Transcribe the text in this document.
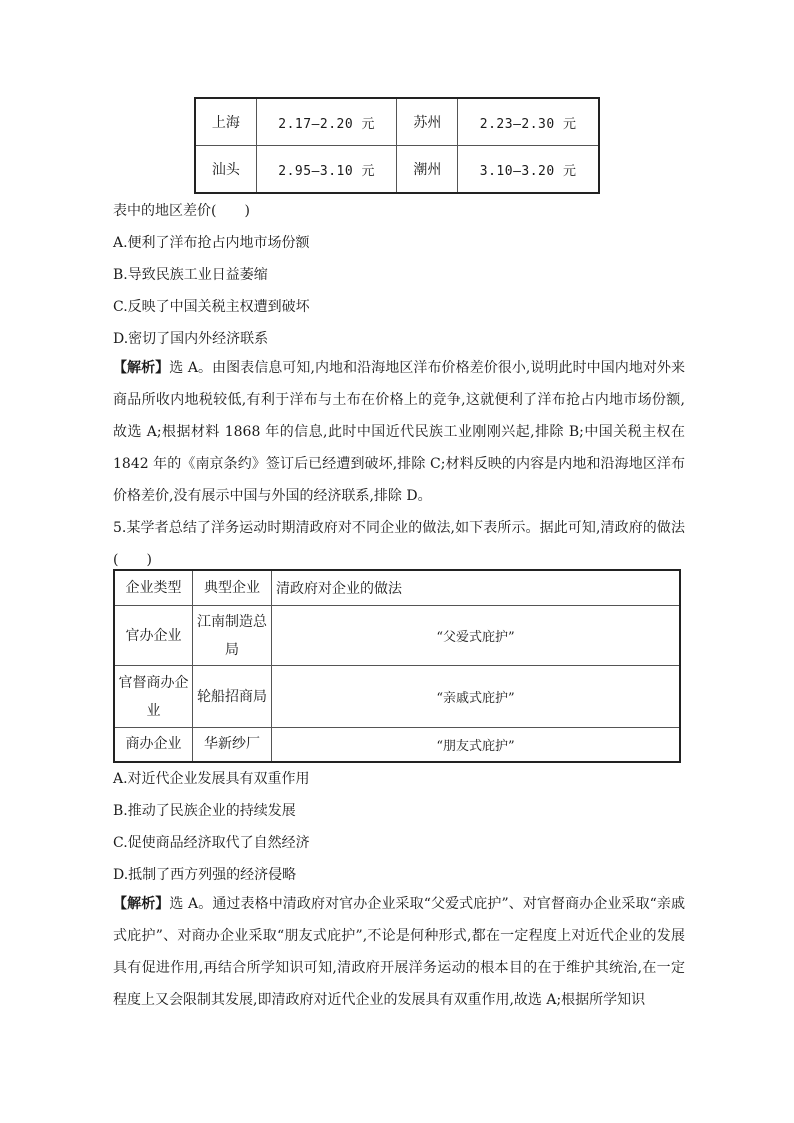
上海	2.17—2.20 元	苏州	2.23—2.30 元
汕头	2.95—3.10 元	潮州	3.10—3.20 元
表中的地区差价(　　)
A.便利了洋布抢占内地市场份额
B.导致民族工业日益萎缩
C.反映了中国关税主权遭到破坏
D.密切了国内外经济联系
【解析】选 A。由图表信息可知,内地和沿海地区洋布价格差价很小,说明此时中国内地对外来商品所收内地税较低,有利于洋布与土布在价格上的竞争,这就便利了洋布抢占内地市场份额,故选 A;根据材料 1868 年的信息,此时中国近代民族工业刚刚兴起,排除 B;中国关税主权在 1842 年的《南京条约》签订后已经遭到破坏,排除 C;材料反映的内容是内地和沿海地区洋布价格差价,没有展示中国与外国的经济联系,排除 D。
5.某学者总结了洋务运动时期清政府对不同企业的做法,如下表所示。据此可知,清政府的做法(　　)
企业类型	典型企业	清政府对企业的做法
官办企业	江南制造总局	“父爱式庇护”
官督商办企业	轮船招商局	“亲戚式庇护”
商办企业	华新纱厂	“朋友式庇护”
A.对近代企业发展具有双重作用
B.推动了民族企业的持续发展
C.促使商品经济取代了自然经济
D.抵制了西方列强的经济侵略
【解析】选 A。通过表格中清政府对官办企业采取“父爱式庇护”、对官督商办企业采取“亲戚式庇护”、对商办企业采取“朋友式庇护”,不论是何种形式,都在一定程度上对近代企业的发展具有促进作用,再结合所学知识可知,清政府开展洋务运动的根本目的在于维护其统治,在一定程度上又会限制其发展,即清政府对近代企业的发展具有双重作用,故选 A;根据所学知识
